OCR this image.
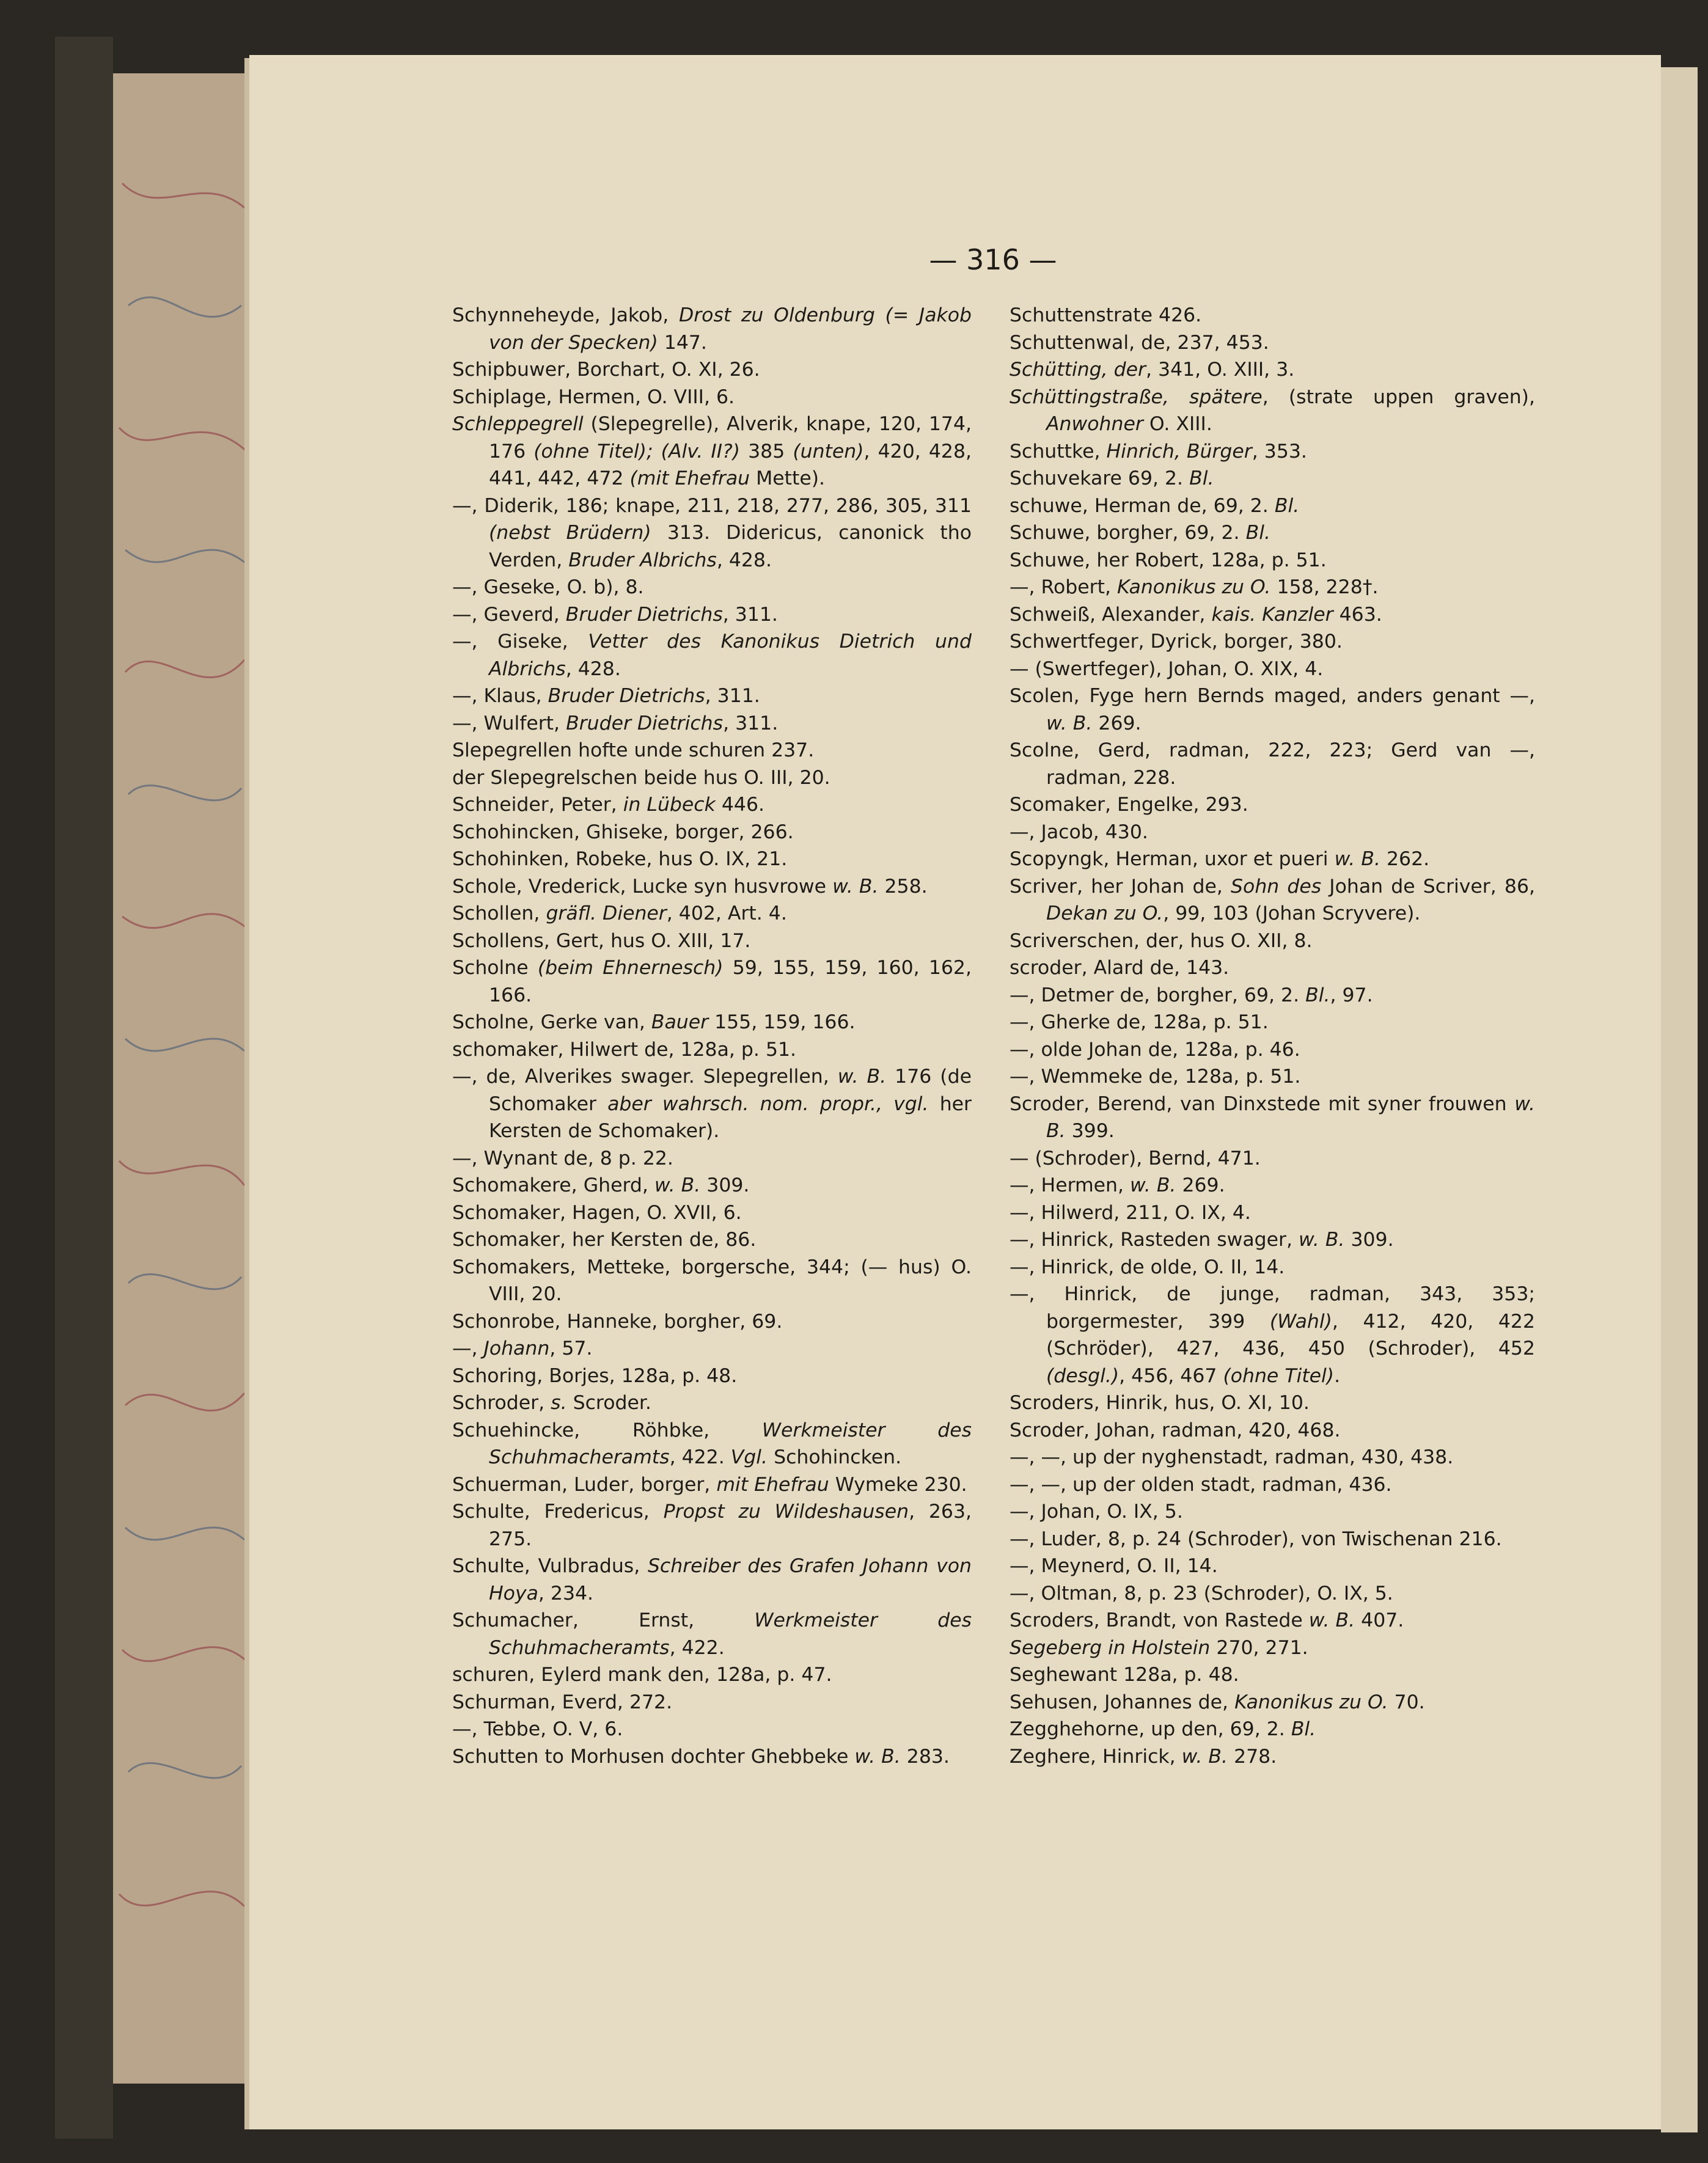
— 316 —

Schynneheyde, Jakob, Drost zu Oldenburg (= Jakob von der Specken) 147.

Schipbuwer, Borchart, O. XI, 26.

Schiplage, Hermen, O. VIII, 6.

Schleppegrell (Slepegrelle), Alverik, knape, 120, 174, 176 (ohne Titel); (Alv. II?) 385 (unten), 420, 428, 441, 442, 472 (mit Ehefrau Mette).

—, Diderik, 186; knape, 211, 218, 277, 286, 305, 311 (nebst Brüdern) 313. Didericus, canonick tho Verden, Bruder Albrichs, 428.

—, Geseke, O. b), 8.

—, Geverd, Bruder Dietrichs, 311.

—, Giseke, Vetter des Kanonikus Dietrich und Albrichs, 428.

—, Klaus, Bruder Dietrichs, 311.

—, Wulfert, Bruder Dietrichs, 311.

Slepegrellen hofte unde schuren 237.

der Slepegrelschen beide hus O. III, 20.

Schneider, Peter, in Lübeck 446.

Schohincken, Ghiseke, borger, 266.

Schohinken, Robeke, hus O. IX, 21.

Schole, Vrederick, Lucke syn husvrowe w. B. 258.

Schollen, gräfl. Diener, 402, Art. 4.

Schollens, Gert, hus O. XIII, 17.

Scholne (beim Ehnernesch) 59, 155, 159, 160, 162, 166.

Scholne, Gerke van, Bauer 155, 159, 166.

schomaker, Hilwert de, 128a, p. 51.

—, de, Alverikes swager. Slepegrellen, w. B. 176 (de Schomaker aber wahrsch. nom. propr., vgl. her Kersten de Schomaker).

—, Wynant de, 8 p. 22.

Schomakere, Gherd, w. B. 309.

Schomaker, Hagen, O. XVII, 6.

Schomaker, her Kersten de, 86.

Schomakers, Metteke, borgersche, 344; (— hus) O. VIII, 20.

Schonrobe, Hanneke, borgher, 69.

—, Johann, 57.

Schoring, Borjes, 128a, p. 48.

Schroder, s. Scroder.

Schuehincke, Röhbke, Werkmeister des Schuhmacheramts, 422. Vgl. Schohincken.

Schuerman, Luder, borger, mit Ehefrau Wymeke 230.

Schulte, Fredericus, Propst zu Wildeshausen, 263, 275.

Schulte, Vulbradus, Schreiber des Grafen Johann von Hoya, 234.

Schumacher, Ernst, Werkmeister des Schuhmacheramts, 422.

schuren, Eylerd mank den, 128a, p. 47.

Schurman, Everd, 272.

—, Tebbe, O. V, 6.

Schutten to Morhusen dochter Ghebbeke w. B. 283.

Schuttenstrate 426.

Schuttenwal, de, 237, 453.

Schütting, der, 341, O. XIII, 3.

Schüttingstraße, spätere, (strate uppen graven), Anwohner O. XIII.

Schuttke, Hinrich, Bürger, 353.

Schuvekare 69, 2. Bl.

schuwe, Herman de, 69, 2. Bl.

Schuwe, borgher, 69, 2. Bl.

Schuwe, her Robert, 128a, p. 51.

—, Robert, Kanonikus zu O. 158, 228†.

Schweiß, Alexander, kais. Kanzler 463.

Schwertfeger, Dyrick, borger, 380.

— (Swertfeger), Johan, O. XIX, 4.

Scolen, Fyge hern Bernds maged, anders genant —, w. B. 269.

Scolne, Gerd, radman, 222, 223; Gerd van —, radman, 228.

Scomaker, Engelke, 293.

—, Jacob, 430.

Scopyngk, Herman, uxor et pueri w. B. 262.

Scriver, her Johan de, Sohn des Johan de Scriver, 86, Dekan zu O., 99, 103 (Johan Scryvere).

Scriverschen, der, hus O. XII, 8.

scroder, Alard de, 143.

—, Detmer de, borgher, 69, 2. Bl., 97.

—, Gherke de, 128a, p. 51.

—, olde Johan de, 128a, p. 46.

—, Wemmeke de, 128a, p. 51.

Scroder, Berend, van Dinxstede mit syner frouwen w. B. 399.

— (Schroder), Bernd, 471.

—, Hermen, w. B. 269.

—, Hilwerd, 211, O. IX, 4.

—, Hinrick, Rasteden swager, w. B. 309.

—, Hinrick, de olde, O. II, 14.

—, Hinrick, de junge, radman, 343, 353; borgermester, 399 (Wahl), 412, 420, 422 (Schröder), 427, 436, 450 (Schroder), 452 (desgl.), 456, 467 (ohne Titel).

Scroders, Hinrik, hus, O. XI, 10.

Scroder, Johan, radman, 420, 468.

—, —, up der nyghenstadt, radman, 430, 438.

—, —, up der olden stadt, radman, 436.

—, Johan, O. IX, 5.

—, Luder, 8, p. 24 (Schroder), von Twischenan 216.

—, Meynerd, O. II, 14.

—, Oltman, 8, p. 23 (Schroder), O. IX, 5.

Scroders, Brandt, von Rastede w. B. 407.

Segeberg in Holstein 270, 271.

Seghewant 128a, p. 48.

Sehusen, Johannes de, Kanonikus zu O. 70.

Zegghehorne, up den, 69, 2. Bl.

Zeghere, Hinrick, w. B. 278.
